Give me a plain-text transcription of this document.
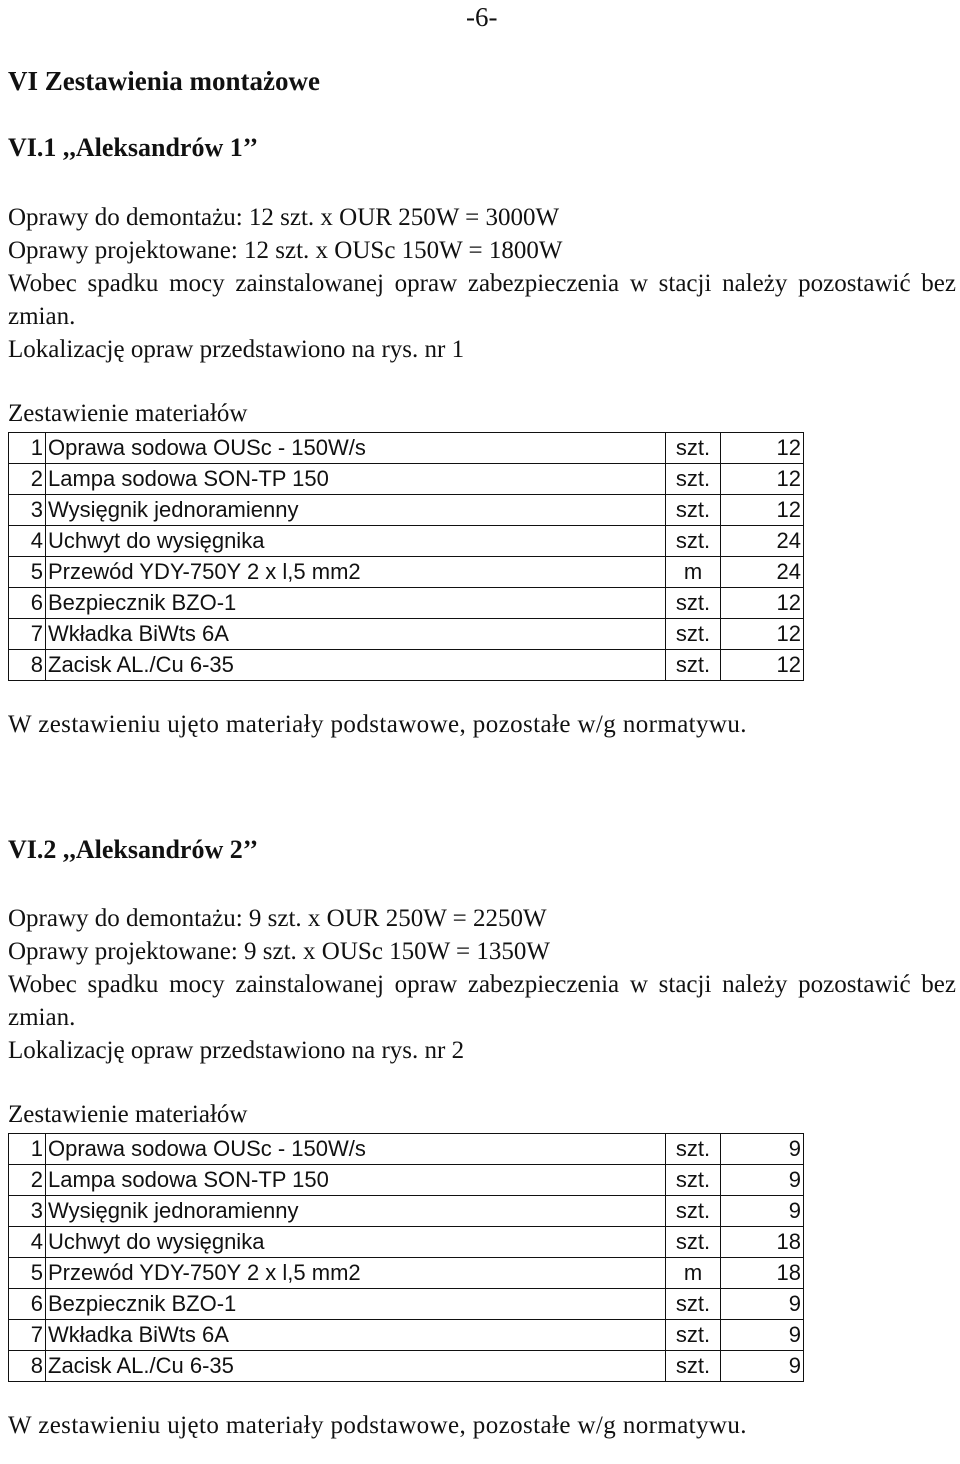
-6-
VI Zestawienia montażowe
VI.1 ,,Aleksandrów 1’’

Oprawy do demontażu: 12 szt. x OUR 250W = 3000W

Oprawy projektowane: 12 szt. x OUSc 150W = 1800W

Wobec spadku mocy zainstalowanej opraw zabezpieczenia w stacji należy pozostawić bez zmian.

Lokalizację opraw przedstawiono na rys. nr 1

Zestawienie materiałów

1	Oprawa sodowa OUSc - 150W/s	szt.	12
2	Lampa sodowa SON-TP 150	szt.	12
3	Wysięgnik jednoramienny	szt.	12
4	Uchwyt do wysięgnika	szt.	24
5	Przewód YDY-750Y 2 x l,5 mm2	m	24
6	Bezpiecznik BZO-1	szt.	12
7	Wkładka BiWts 6A	szt.	12
8	Zacisk AL./Cu 6-35	szt.	12

W zestawieniu ujęto materiały podstawowe, pozostałe w/g normatywu.

VI.2 ,,Aleksandrów 2’’

Oprawy do demontażu: 9 szt. x OUR 250W = 2250W

Oprawy projektowane: 9 szt. x OUSc 150W = 1350W

Wobec spadku mocy zainstalowanej opraw zabezpieczenia w stacji należy pozostawić bez zmian.

Lokalizację opraw przedstawiono na rys. nr 2

Zestawienie materiałów

1	Oprawa sodowa OUSc - 150W/s	szt.	9
2	Lampa sodowa SON-TP 150	szt.	9
3	Wysięgnik jednoramienny	szt.	9
4	Uchwyt do wysięgnika	szt.	18
5	Przewód YDY-750Y 2 x l,5 mm2	m	18
6	Bezpiecznik BZO-1	szt.	9
7	Wkładka BiWts 6A	szt.	9
8	Zacisk AL./Cu 6-35	szt.	9

W zestawieniu ujęto materiały podstawowe, pozostałe w/g normatywu.
